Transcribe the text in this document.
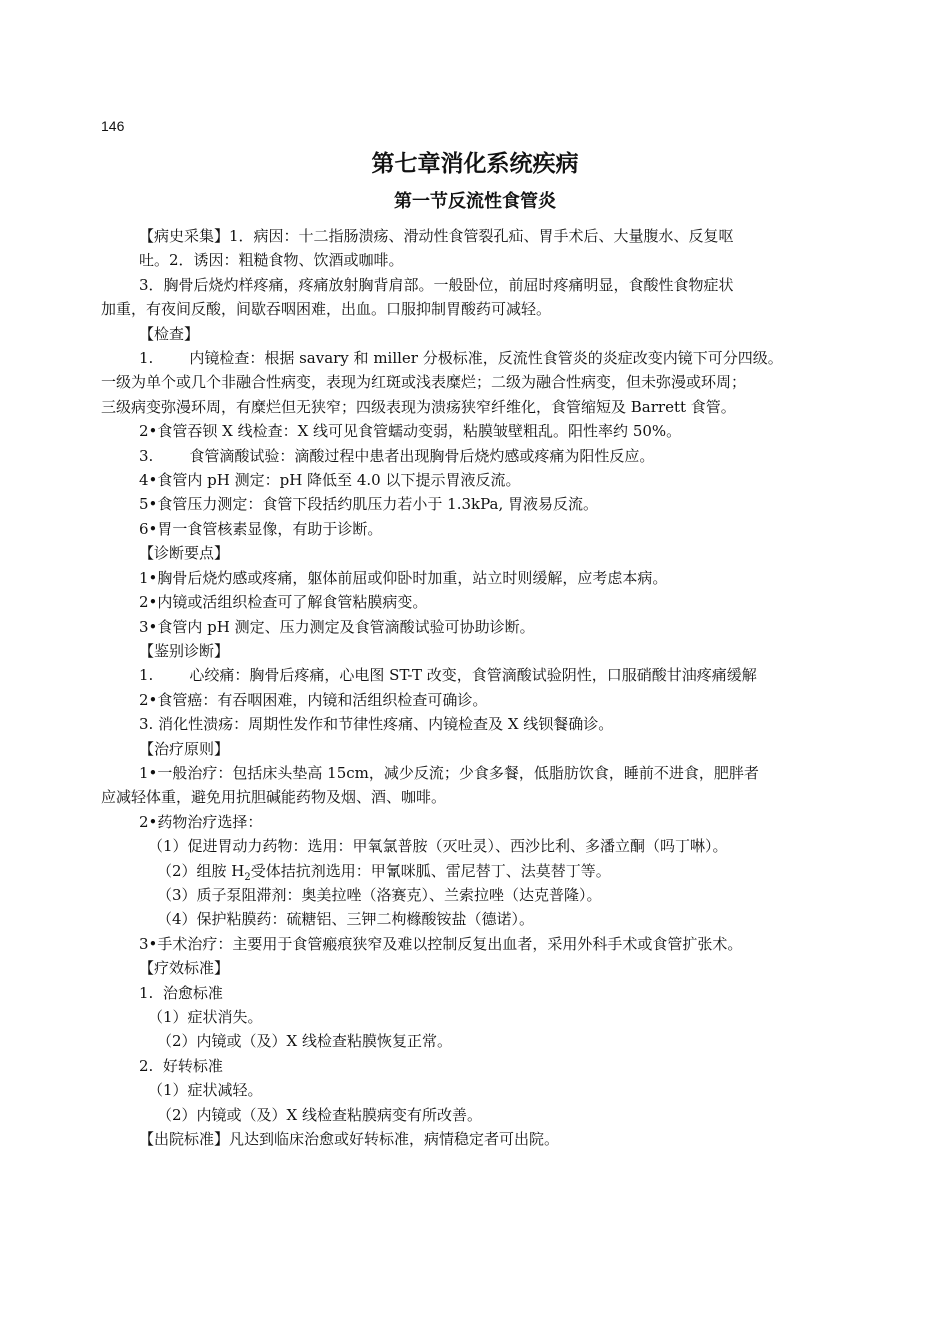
146
第七章消化系统疾病
第一节反流性食管炎
【病史采集】1．病因：十二指肠溃疡、滑动性食管裂孔疝、胃手术后、大量腹水、反复呕
吐。2．诱因：粗糙食物、饮酒或咖啡。
3．胸骨后烧灼样疼痛，疼痛放射胸背肩部。一般卧位，前屈时疼痛明显，食酸性食物症状
加重，有夜间反酸，间歇吞咽困难，出血。口服抑制胃酸药可减轻。
【检查】
1. 内镜检查：根据 savary 和 miller 分极标准，反流性食管炎的炎症改变内镜下可分四级。
一级为单个或几个非融合性病变，表现为红斑或浅表糜烂；二级为融合性病变，但未弥漫或环周；
三级病变弥漫环周，有糜烂但无狭窄；四级表现为溃疡狭窄纤维化，食管缩短及 Barrett 食管。
2•食管吞钡 X 线检查：X 线可见食管蠕动变弱，粘膜皱壁粗乱。阳性率约 50%。
3. 食管滴酸试验：滴酸过程中患者出现胸骨后烧灼感或疼痛为阳性反应。
4•食管内 pH 测定：pH 降低至 4.0 以下提示胃液反流。
5•食管压力测定：食管下段括约肌压力若小于 1.3kPa, 胃液易反流。
6•胃一食管核素显像，有助于诊断。
【诊断要点】
1•胸骨后烧灼感或疼痛，躯体前屈或仰卧时加重，站立时则缓解，应考虑本病。
2•内镜或活组织检查可了解食管粘膜病变。
3•食管内 pH 测定、压力测定及食管滴酸试验可协助诊断。
【鉴别诊断】
1. 心绞痛：胸骨后疼痛，心电图 ST-T 改变，食管滴酸试验阴性，口服硝酸甘油疼痛缓解
2•食管癌：有吞咽困难，内镜和活组织检查可确诊。
3. 消化性溃疡：周期性发作和节律性疼痛、内镜检查及 X 线钡餐确诊。
【治疗原则】
1•一般治疗：包括床头垫高 15cm，减少反流；少食多餐，低脂肪饮食，睡前不进食，肥胖者
应减轻体重，避免用抗胆碱能药物及烟、酒、咖啡。
2•药物治疗选择：
（1）促进胃动力药物：选用：甲氧氯普胺（灭吐灵）、西沙比利、多潘立酮（吗丁啉）。
（2）组胺 $H_2$受体拮抗剂选用：甲氰咪胍、雷尼替丁、法莫替丁等。
（3）质子泵阻滞剂：奥美拉唑（洛赛克）、兰索拉唑（达克普隆）。
（4）保护粘膜药：硫糖铝、三钾二枸橼酸铵盐（德诺）。
3•手术治疗：主要用于食管瘢痕狭窄及难以控制反复出血者，采用外科手术或食管扩张术。
【疗效标准】
1.  治愈标准
（1）症状消失。
（2）内镜或（及）X 线检查粘膜恢复正常。
2.  好转标准
（1）症状减轻。
（2）内镜或（及）X 线检查粘膜病变有所改善。
【出院标准】凡达到临床治愈或好转标准，病情稳定者可出院。
